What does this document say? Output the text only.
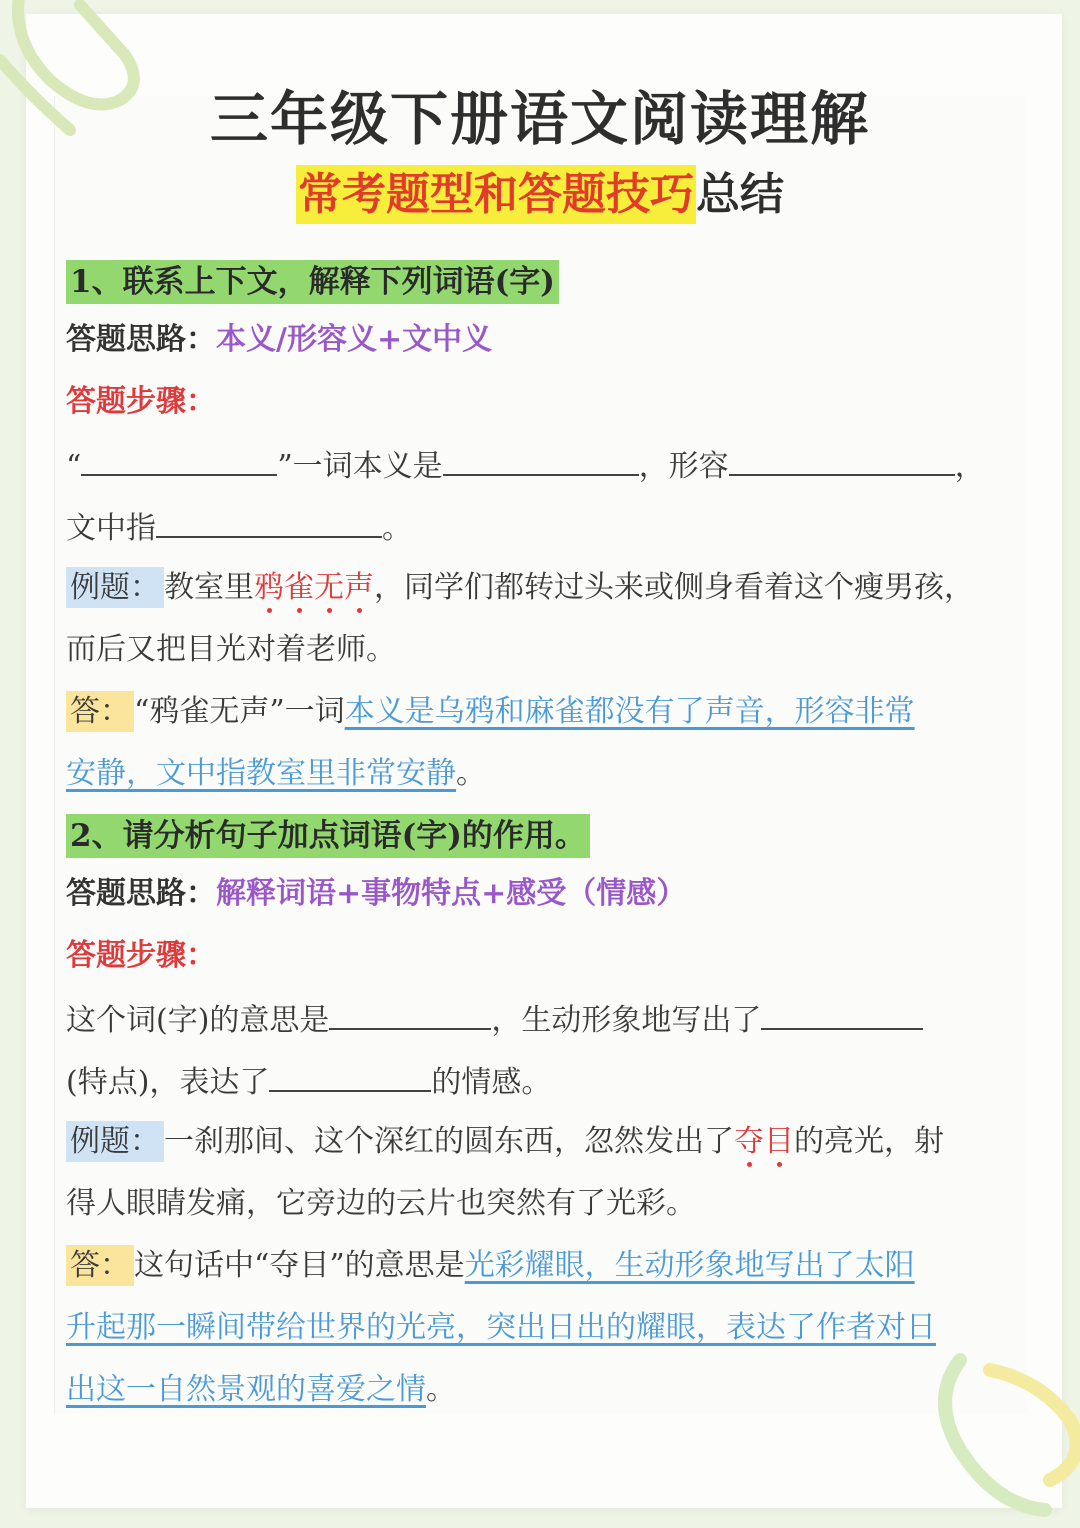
三年级下册语文阅读理解
常考题型和答题技巧总结
1、联系上下文，解释下列词语(字)
答题思路：本义/形容义+文中义
答题步骤：
“	”一词本义是	，形容	，
文中指	。
例题： 教室里鸦雀无声，同学们都转过头来或侧身看着这个瘦男孩，
而后又把目光对着老师。
答： “鸦雀无声”一词本义是乌鸦和麻雀都没有了声音，形容非常
安静，文中指教室里非常安静。
2、请分析句子加点词语(字)的作用。
答题思路：解释词语+事物特点+感受（情感）
答题步骤：
这个词(字)的意思是	，生动形象地写出了
(特点)，表达了	的情感。
例题： 一刹那间、这个深红的圆东西，忽然发出了夺目的亮光，射
得人眼睛发痛，它旁边的云片也突然有了光彩。
答： 这句话中“夺目”的意思是光彩耀眼，生动形象地写出了太阳
升起那一瞬间带给世界的光亮，突出日出的耀眼，表达了作者对日
出这一自然景观的喜爱之情。
